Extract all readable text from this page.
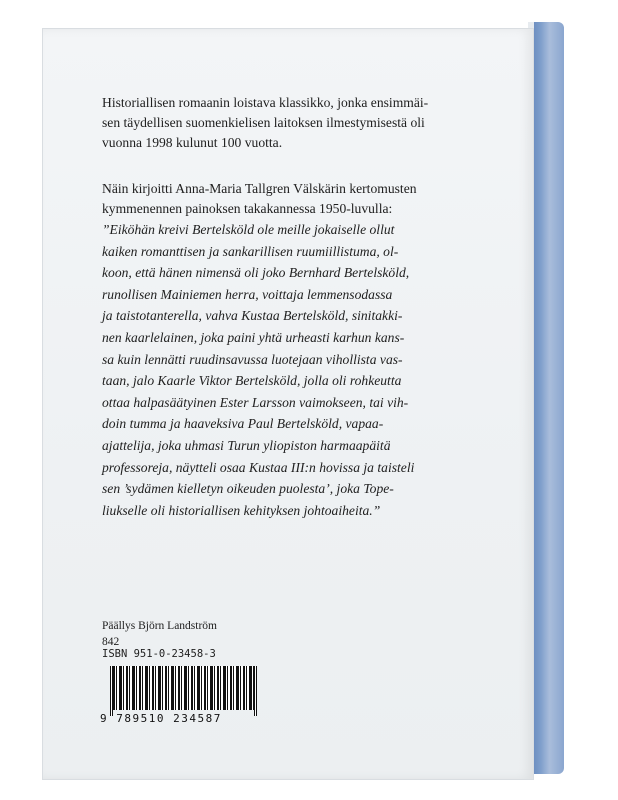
Historiallisen romaanin loistava klassikko, jonka ensimmäi-
sen täydellisen suomenkielisen laitoksen ilmestymisestä oli
vuonna 1998 kulunut 100 vuotta.
Näin kirjoitti Anna-Maria Tallgren Välskärin kertomusten
kymmenennen painoksen takakannessa 1950-luvulla:
”Eiköhän kreivi Bertelsköld ole meille jokaiselle ollut
kaiken romanttisen ja sankarillisen ruumiillistuma, ol-
koon, että hänen nimensä oli joko Bernhard Bertelsköld,
runollisen Mainiemen herra, voittaja lemmensodassa
ja taistotanterella, vahva Kustaa Bertelsköld, sinitakki-
nen kaarlelainen, joka paini yhtä urheasti karhun kans-
sa kuin lennätti ruudinsavussa luotejaan vihollista vas-
taan, jalo Kaarle Viktor Bertelsköld, jolla oli rohkeutta
ottaa halpasäätyinen Ester Larsson vaimokseen, tai vih-
doin tumma ja haaveksiva Paul Bertelsköld, vapaa-
ajattelija, joka uhmasi Turun yliopiston harmaapäitä
professoreja, näytteli osaa Kustaa III:n hovissa ja taisteli
sen ’sydämen kielletyn oikeuden puolesta’, joka Tope-
liukselle oli historiallisen kehityksen johtoaiheita.”
Päällys Björn Landström
842
ISBN 951-0-23458-3
9 789510 234587
